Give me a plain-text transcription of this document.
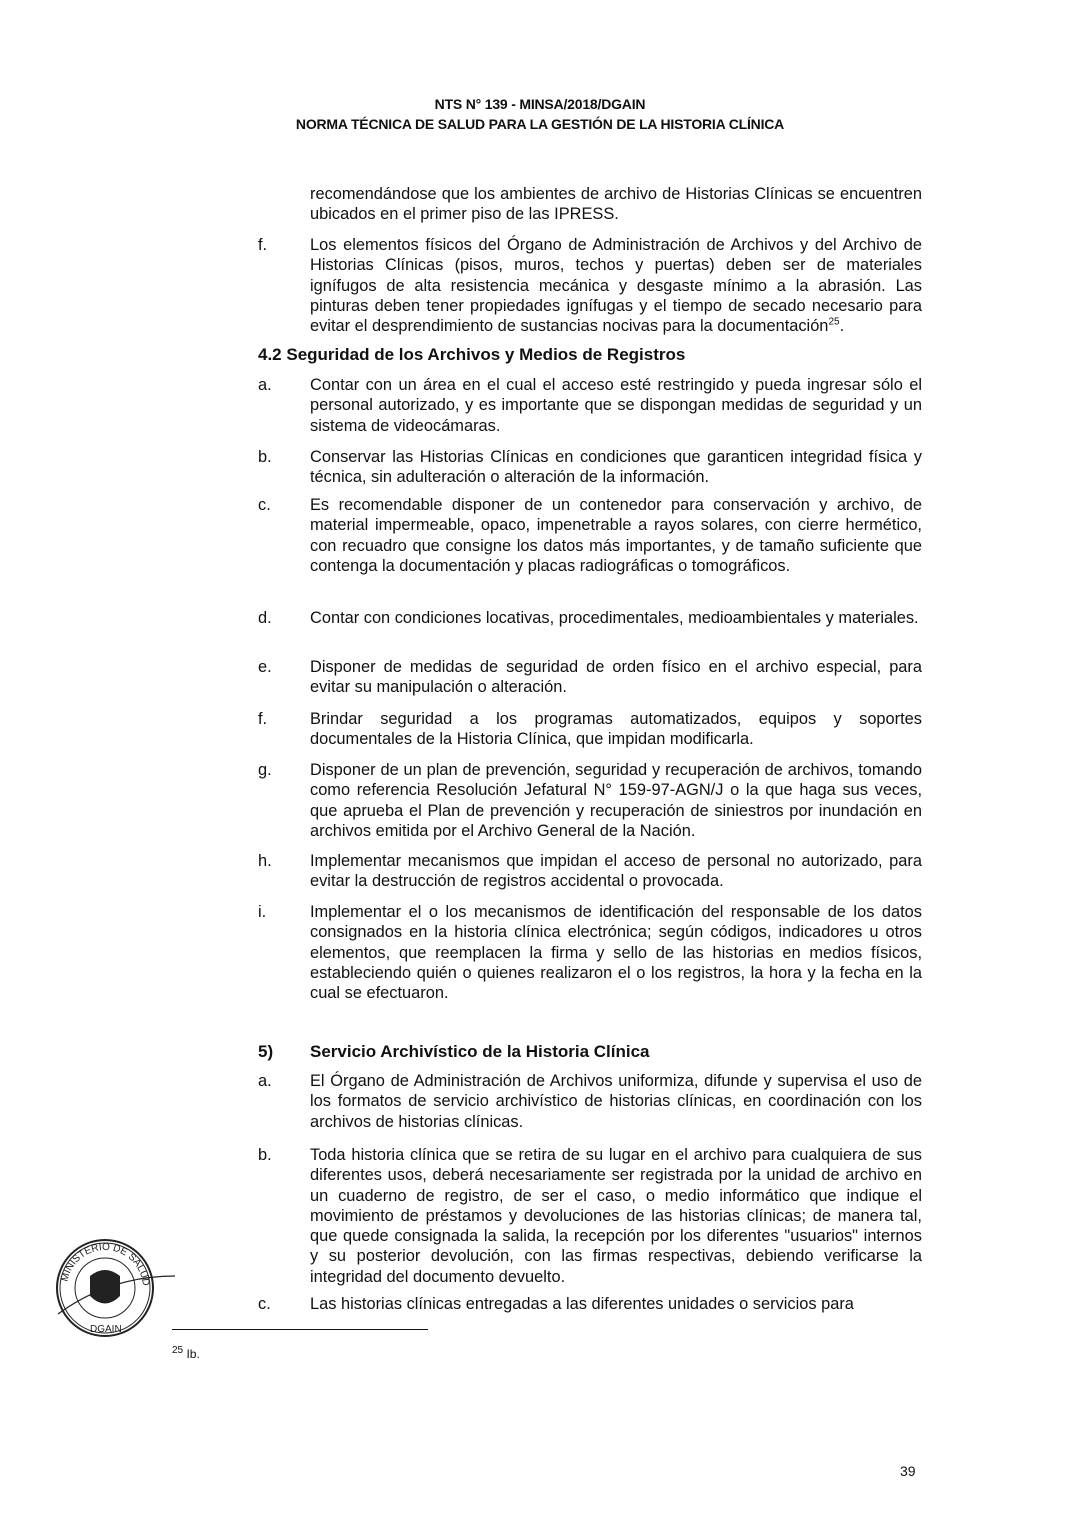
NTS N° 139 - MINSA/2018/DGAIN
NORMA TÉCNICA DE SALUD PARA LA GESTIÓN DE LA HISTORIA CLÍNICA
recomendándose que los ambientes de archivo de Historias Clínicas se encuentren ubicados en el primer piso de las IPRESS.
f.	Los elementos físicos del Órgano de Administración de Archivos y del Archivo de Historias Clínicas (pisos, muros, techos y puertas) deben ser de materiales ignífugos de alta resistencia mecánica y desgaste mínimo a la abrasión. Las pinturas deben tener propiedades ignífugas y el tiempo de secado necesario para evitar el desprendimiento de sustancias nocivas para la documentación$^{25}$.
4.2 Seguridad de los Archivos y Medios de Registros
a. Contar con un área en el cual el acceso esté restringido y pueda ingresar sólo el personal autorizado, y es importante que se dispongan medidas de seguridad y un sistema de videocámaras.
b. Conservar las Historias Clínicas en condiciones que garanticen integridad física y técnica, sin adulteración o alteración de la información.
c. Es recomendable disponer de un contenedor para conservación y archivo, de material impermeable, opaco, impenetrable a rayos solares, con cierre hermético, con recuadro que consigne los datos más importantes, y de tamaño suficiente que contenga la documentación y placas radiográficas o tomográficos.
d. Contar con condiciones locativas, procedimentales, medioambientales y materiales.
e. Disponer de medidas de seguridad de orden físico en el archivo especial, para evitar su manipulación o alteración.
f.	Brindar seguridad a los programas automatizados, equipos y soportes documentales de la Historia Clínica, que impidan modificarla.
g. Disponer de un plan de prevención, seguridad y recuperación de archivos, tomando como referencia Resolución Jefatural N° 159-97-AGN/J o la que haga sus veces, que aprueba el Plan de prevención y recuperación de siniestros por inundación en archivos emitida por el Archivo General de la Nación.
h. Implementar mecanismos que impidan el acceso de personal no autorizado, para evitar la destrucción de registros accidental o provocada.
i.	Implementar el o los mecanismos de identificación del responsable de los datos consignados en la historia clínica electrónica; según códigos, indicadores u otros elementos, que reemplacen la firma y sello de las historias en medios físicos, estableciendo quién o quienes realizaron el o los registros, la hora y la fecha en la cual se efectuaron.
5) Servicio Archivístico de la Historia Clínica
a. El Órgano de Administración de Archivos uniformiza, difunde y supervisa el uso de los formatos de servicio archivístico de historias clínicas, en coordinación con los archivos de historias clínicas.
b. Toda historia clínica que se retira de su lugar en el archivo para cualquiera de sus diferentes usos, deberá necesariamente ser registrada por la unidad de archivo en un cuaderno de registro, de ser el caso, o medio informático que indique el movimiento de préstamos y devoluciones de las historias clínicas; de manera tal, que quede consignada la salida, la recepción por los diferentes "usuarios" internos y su posterior devolución, con las firmas respectivas, debiendo verificarse la integridad del documento devuelto.
c. Las historias clínicas entregadas a las diferentes unidades o servicios para
MINISTERIO DE SALUD
DGAIN
$^{25}$ Ib.
39
